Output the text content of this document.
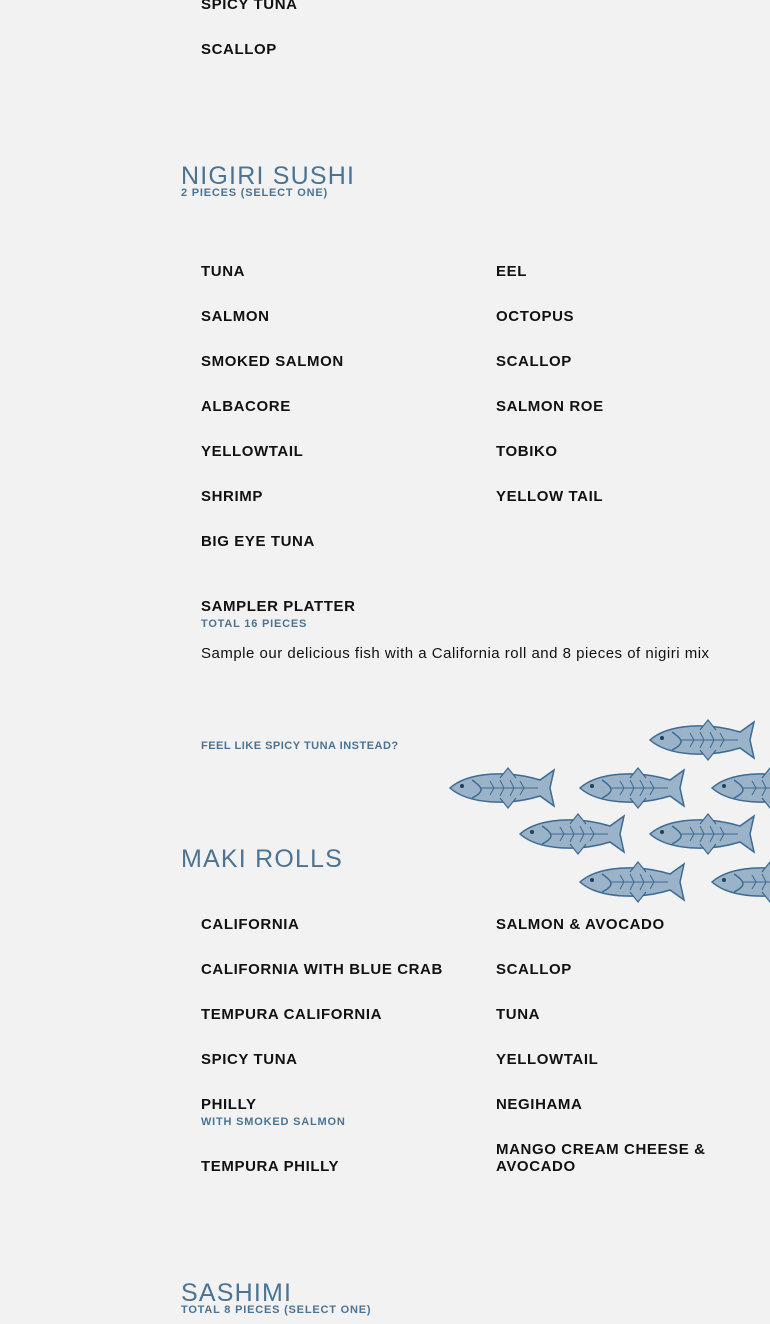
SPICY TUNA
SCALLOP
NIGIRI SUSHI
2 PIECES (SELECT ONE)
TUNA
SALMON
SMOKED SALMON
ALBACORE
YELLOWTAIL
SHRIMP
BIG EYE TUNA
EEL
OCTOPUS
SCALLOP
SALMON ROE
TOBIKO
YELLOW TAIL
SAMPLER PLATTER
TOTAL 16 PIECES
Sample our delicious fish with a California roll and 8 pieces of nigiri mix
FEEL LIKE SPICY TUNA INSTEAD?
MAKI ROLLS
CALIFORNIA
CALIFORNIA WITH BLUE CRAB
TEMPURA CALIFORNIA
SPICY TUNA
PHILLY
WITH SMOKED SALMON
TEMPURA PHILLY
SALMON & AVOCADO
SCALLOP
TUNA
YELLOWTAIL
NEGIHAMA
MANGO CREAM CHEESE & AVOCADO
SASHIMI
TOTAL 8 PIECES (SELECT ONE)
